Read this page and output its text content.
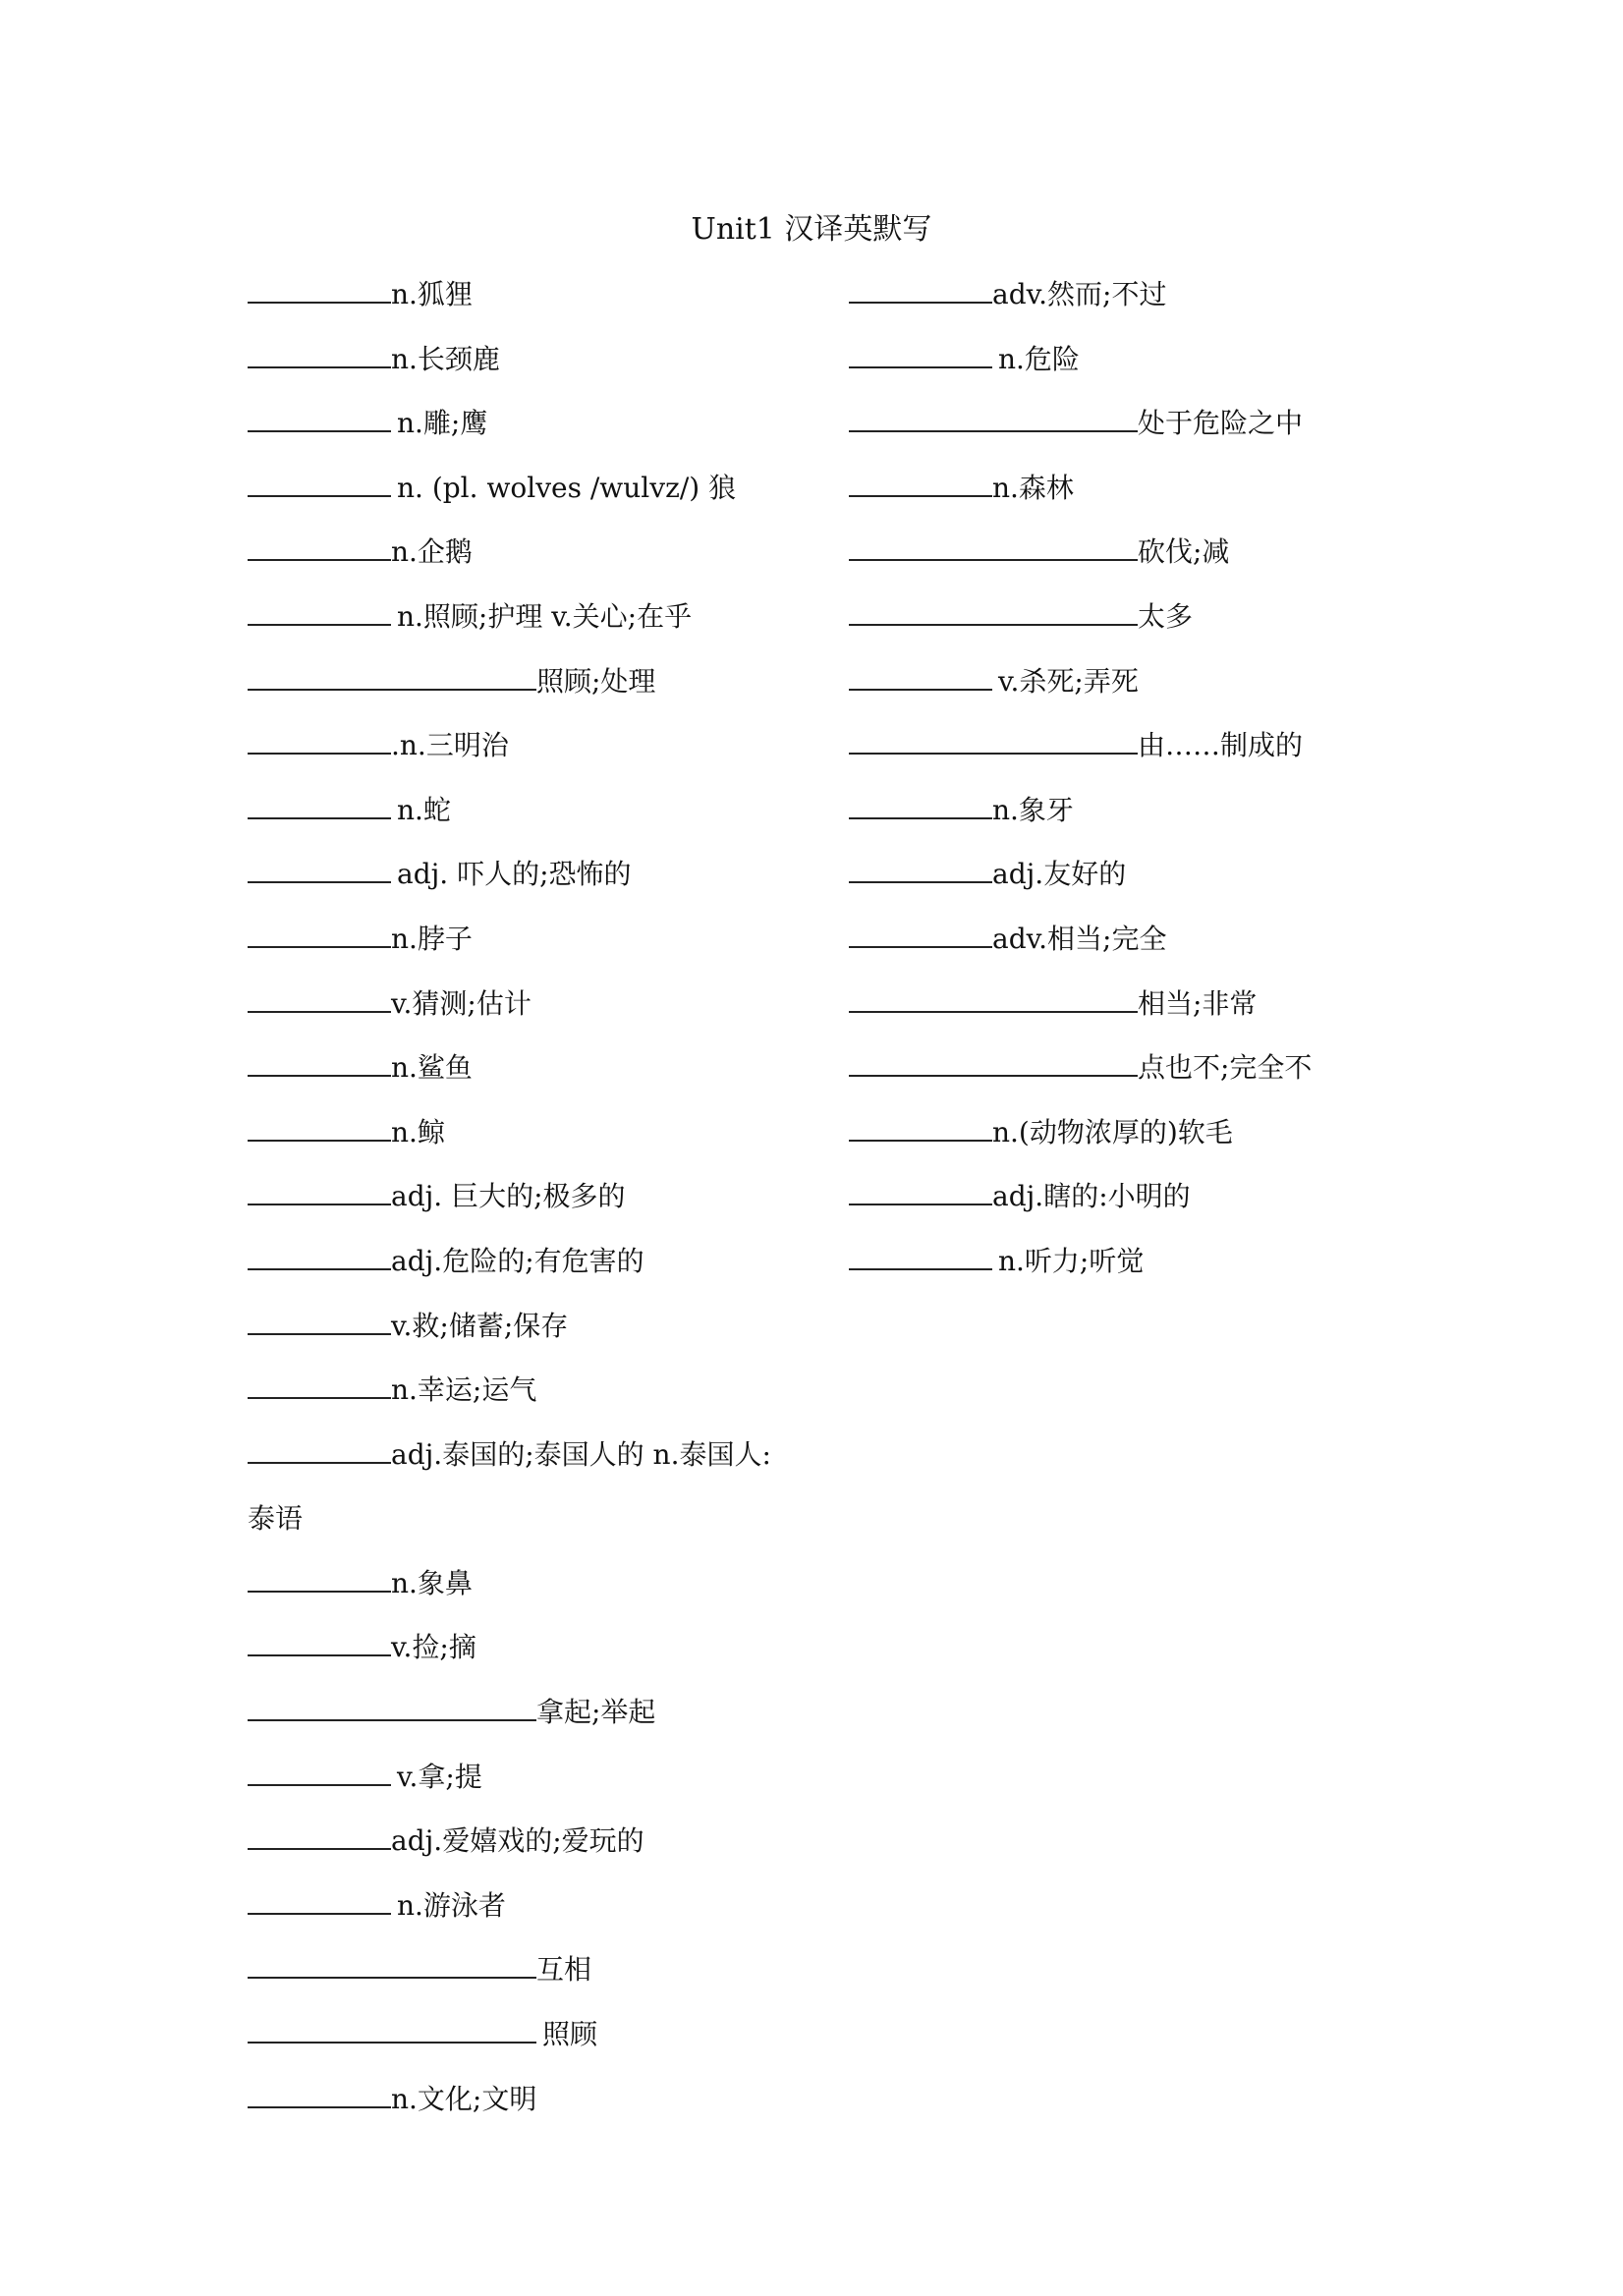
Unit1 汉译英默写
n.狐狸
n.长颈鹿
n.雕;鹰
n. (pl. wolves /wulvz/) 狼
n.企鹅
n.照顾;护理 v.关心;在乎
照顾;处理
.n.三明治
n.蛇
adj. 吓人的;恐怖的
n.脖子
v.猜测;估计
n.鲨鱼
n.鲸
adj. 巨大的;极多的
adj.危险的;有危害的
v.救;储蓄;保存
n.幸运;运气
adj.泰国的;泰国人的 n.泰国人:
泰语
n.象鼻
v.捡;摘
拿起;举起
v.拿;提
adj.爱嬉戏的;爱玩的
n.游泳者
互相
照顾
n.文化;文明
adv.然而;不过
n.危险
处于危险之中
n.森林
砍伐;减
太多
v.杀死;弄死
由……制成的
n.象牙
adj.友好的
adv.相当;完全
相当;非常
点也不;完全不
n.(动物浓厚的)软毛
adj.瞎的:小明的
n.听力;听觉
